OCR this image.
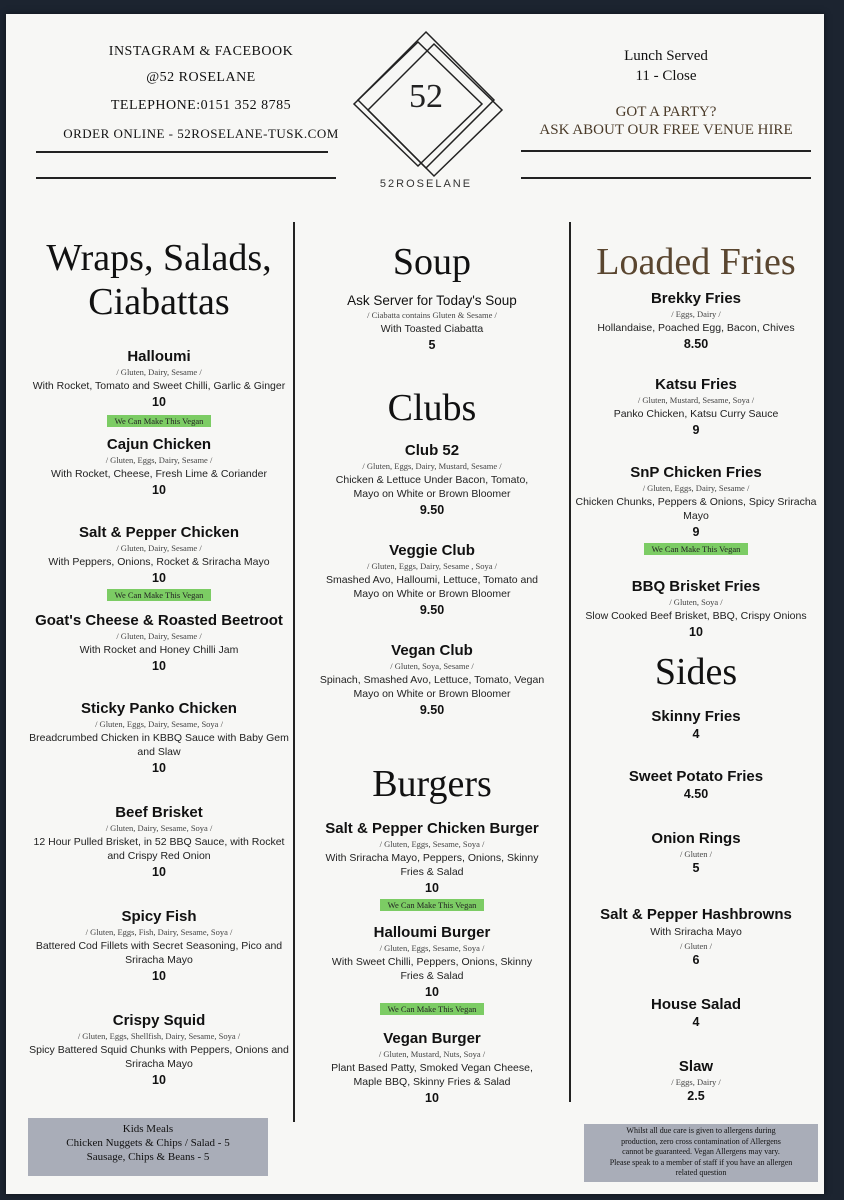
INSTAGRAM & FACEBOOK
@52 ROSELANE
TELEPHONE:0151 352 8785
ORDER ONLINE - 52ROSELANE-TUSK.COM
52
52ROSELANE
Lunch Served
11 - Close
GOT A PARTY?
ASK ABOUT OUR FREE VENUE HIRE
Wraps, Salads,
Ciabattas
Halloumi
/ Gluten, Dairy, Sesame /
With Rocket, Tomato and Sweet Chilli, Garlic & Ginger
10
We Can Make This Vegan
Cajun Chicken
/ Gluten, Eggs, Dairy, Sesame /
With Rocket, Cheese, Fresh Lime & Coriander
10
Salt & Pepper Chicken
/ Gluten, Dairy, Sesame /
With Peppers, Onions, Rocket & Sriracha Mayo
10
We Can Make This Vegan
Goat's Cheese & Roasted Beetroot
/ Gluten, Dairy, Sesame /
With Rocket and Honey Chilli Jam
10
Sticky Panko Chicken
/ Gluten, Eggs, Dairy, Sesame, Soya /
Breadcrumbed Chicken in KBBQ Sauce with Baby Gem and Slaw
10
Beef Brisket
/ Gluten, Dairy, Sesame, Soya /
12 Hour Pulled Brisket, in 52 BBQ Sauce, with Rocket and Crispy Red Onion
10
Spicy Fish
/ Gluten, Eggs, Fish, Dairy, Sesame, Soya /
Battered Cod Fillets with Secret Seasoning, Pico and Sriracha Mayo
10
Crispy Squid
/ Gluten, Eggs, Shellfish, Dairy, Sesame, Soya /
Spicy Battered Squid Chunks with Peppers, Onions and Sriracha Mayo
10
Kids Meals
Chicken Nuggets & Chips / Salad - 5
Sausage, Chips & Beans - 5
Soup
Ask Server for Today's Soup
/ Ciabatta contains Gluten & Sesame /
With Toasted Ciabatta
5
Clubs
Club 52
/ Gluten, Eggs, Dairy, Mustard, Sesame /
Chicken & Lettuce Under Bacon, Tomato, Mayo on White or Brown Bloomer
9.50
Veggie Club
/ Gluten, Eggs, Dairy, Sesame , Soya /
Smashed Avo, Halloumi, Lettuce, Tomato and Mayo on White or Brown Bloomer
9.50
Vegan Club
/ Gluten, Soya, Sesame /
Spinach, Smashed Avo, Lettuce, Tomato, Vegan Mayo on White or Brown Bloomer
9.50
Burgers
Salt & Pepper Chicken Burger
/ Gluten, Eggs, Sesame, Soya /
With Sriracha Mayo, Peppers, Onions, Skinny Fries & Salad
10
We Can Make This Vegan
Halloumi Burger
/ Gluten, Eggs, Sesame, Soya /
With Sweet Chilli, Peppers, Onions, Skinny Fries & Salad
10
We Can Make This Vegan
Vegan Burger
/ Gluten, Mustard, Nuts, Soya /
Plant Based Patty, Smoked Vegan Cheese, Maple BBQ, Skinny Fries & Salad
10
Loaded Fries
Brekky Fries
/ Eggs, Dairy /
Hollandaise, Poached Egg, Bacon, Chives
8.50
Katsu Fries
/ Gluten, Mustard, Sesame, Soya /
Panko Chicken, Katsu Curry Sauce
9
SnP Chicken Fries
/ Gluten, Eggs, Dairy, Sesame /
Chicken Chunks, Peppers & Onions, Spicy Sriracha Mayo
9
We Can Make This Vegan
BBQ Brisket Fries
/ Gluten, Soya /
Slow Cooked Beef Brisket, BBQ, Crispy Onions
10
Sides
Skinny Fries
4
Sweet Potato Fries
4.50
Onion Rings
/ Gluten /
5
Salt & Pepper Hashbrowns
With Sriracha Mayo
/ Gluten /
6
House Salad
4
Slaw
/ Eggs, Dairy /
2.5
Whilst all due care is given to allergens during
production, zero cross contamination of Allergens
cannot be guaranteed. Vegan Allergens may vary.
Please speak to a member of staff if you have an allergen
related question
